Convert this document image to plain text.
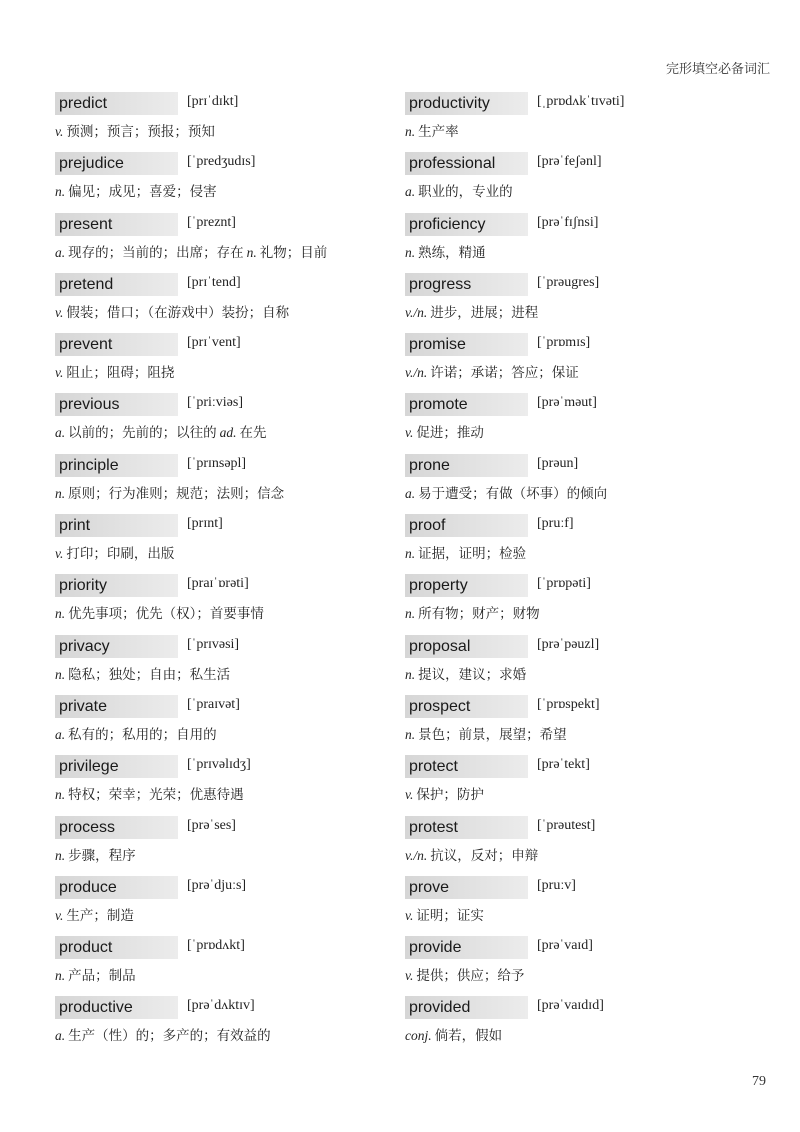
完形填空必备词汇
predict	[prɪˈdɪkt]
v. 预测；预言；预报；预知
prejudice	[ˈpredʒudɪs]
n. 偏见；成见；喜爱；侵害
present	[ˈpreznt]
a. 现存的；当前的；出席；存在 n. 礼物；目前
pretend	[prɪˈtend]
v. 假装；借口；（在游戏中）装扮；自称
prevent	[prɪˈvent]
v. 阻止；阻碍；阻挠
previous	[ˈpriːviəs]
a. 以前的；先前的；以往的 ad. 在先
principle	[ˈprɪnsəpl]
n. 原则；行为准则；规范；法则；信念
print	[prɪnt]
v. 打印；印刷，出版
priority	[praɪˈɒrəti]
n. 优先事项；优先（权）；首要事情
privacy	[ˈprɪvəsi]
n. 隐私；独处；自由；私生活
private	[ˈpraɪvət]
a. 私有的；私用的；自用的
privilege	[ˈprɪvəlɪdʒ]
n. 特权；荣幸；光荣；优惠待遇
process	[prəˈses]
n. 步骤，程序
produce	[prəˈdjuːs]
v. 生产；制造
product	[ˈprɒdʌkt]
n. 产品；制品
productive	[prəˈdʌktɪv]
a. 生产（性）的；多产的；有效益的
productivity	[ˌprɒdʌkˈtɪvəti]
n. 生产率
professional	[prəˈfeʃənl]
a. 职业的，专业的
proficiency	[prəˈfɪʃnsi]
n. 熟练，精通
progress	[ˈprəugres]
v./n. 进步，进展；进程
promise	[ˈprɒmɪs]
v./n. 许诺；承诺；答应；保证
promote	[prəˈməut]
v. 促进；推动
prone	[prəun]
a. 易于遭受；有做（坏事）的倾向
proof	[pruːf]
n. 证据，证明；检验
property	[ˈprɒpəti]
n. 所有物；财产；财物
proposal	[prəˈpəuzl]
n. 提议，建议；求婚
prospect	[ˈprɒspekt]
n. 景色；前景，展望；希望
protect	[prəˈtekt]
v. 保护；防护
protest	[ˈprəutest]
v./n. 抗议，反对；申辩
prove	[pruːv]
v. 证明；证实
provide	[prəˈvaɪd]
v. 提供；供应；给予
provided	[prəˈvaɪdɪd]
conj. 倘若，假如
79
